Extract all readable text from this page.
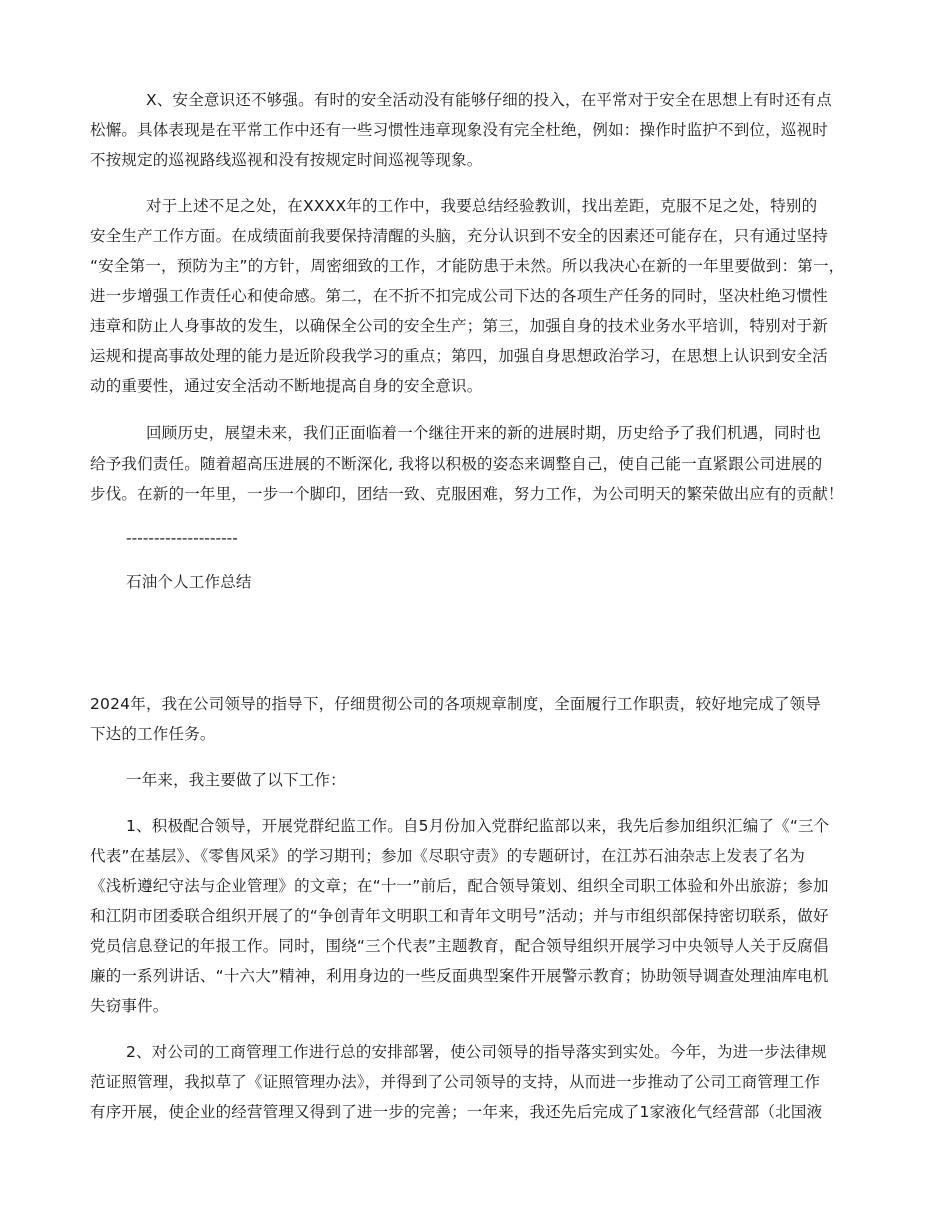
X、安全意识还不够强。有时的安全活动没有能够仔细的投入，在平常对于安全在思想上有时还有点
松懈。具体表现是在平常工作中还有一些习惯性违章现象没有完全杜绝，例如：操作时监护不到位，巡视时
不按规定的巡视路线巡视和没有按规定时间巡视等现象。
对于上述不足之处，在XXXX年的工作中，我要总结经验教训，找出差距，克服不足之处，特别的
安全生产工作方面。在成绩面前我要保持清醒的头脑，充分认识到不安全的因素还可能存在，只有通过坚持
“安全第一，预防为主”的方针，周密细致的工作，才能防患于未然。所以我决心在新的一年里要做到：第一，
进一步增强工作责任心和使命感。第二，在不折不扣完成公司下达的各项生产任务的同时，坚决杜绝习惯性
违章和防止人身事故的发生，以确保全公司的安全生产；第三，加强自身的技术业务水平培训，特别对于新
运规和提高事故处理的能力是近阶段我学习的重点；第四，加强自身思想政治学习，在思想上认识到安全活
动的重要性，通过安全活动不断地提高自身的安全意识。
回顾历史，展望未来，我们正面临着一个继往开来的新的进展时期，历史给予了我们机遇，同时也
给予我们责任。随着超高压进展的不断深化, 我将以积极的姿态来调整自己，使自己能一直紧跟公司进展的
步伐。在新的一年里，一步一个脚印，团结一致、克服困难，努力工作，为公司明天的繁荣做出应有的贡献！
--------------------
石油个人工作总结
2024年，我在公司领导的指导下，仔细贯彻公司的各项规章制度，全面履行工作职责，较好地完成了领导
下达的工作任务。
一年来，我主要做了以下工作：
1、积极配合领导，开展党群纪监工作。自5月份加入党群纪监部以来，我先后参加组织汇编了《“三个
代表”在基层》、《零售风采》的学习期刊；参加《尽职守责》的专题研讨，在江苏石油杂志上发表了名为
《浅析遵纪守法与企业管理》的文章；在“十一”前后，配合领导策划、组织全司职工体验和外出旅游；参加
和江阴市团委联合组织开展了的“争创青年文明职工和青年文明号”活动；并与市组织部保持密切联系，做好
党员信息登记的年报工作。同时，围绕“三个代表”主题教育，配合领导组织开展学习中央领导人关于反腐倡
廉的一系列讲话、“十六大”精神，利用身边的一些反面典型案件开展警示教育；协助领导调查处理油库电机
失窃事件。
2、对公司的工商管理工作进行总的安排部署，使公司领导的指导落实到实处。今年，为进一步法律规
范证照管理，我拟草了《证照管理办法》，并得到了公司领导的支持，从而进一步推动了公司工商管理工作
有序开展，使企业的经营管理又得到了进一步的完善；一年来，我还先后完成了1家液化气经营部（北国液
